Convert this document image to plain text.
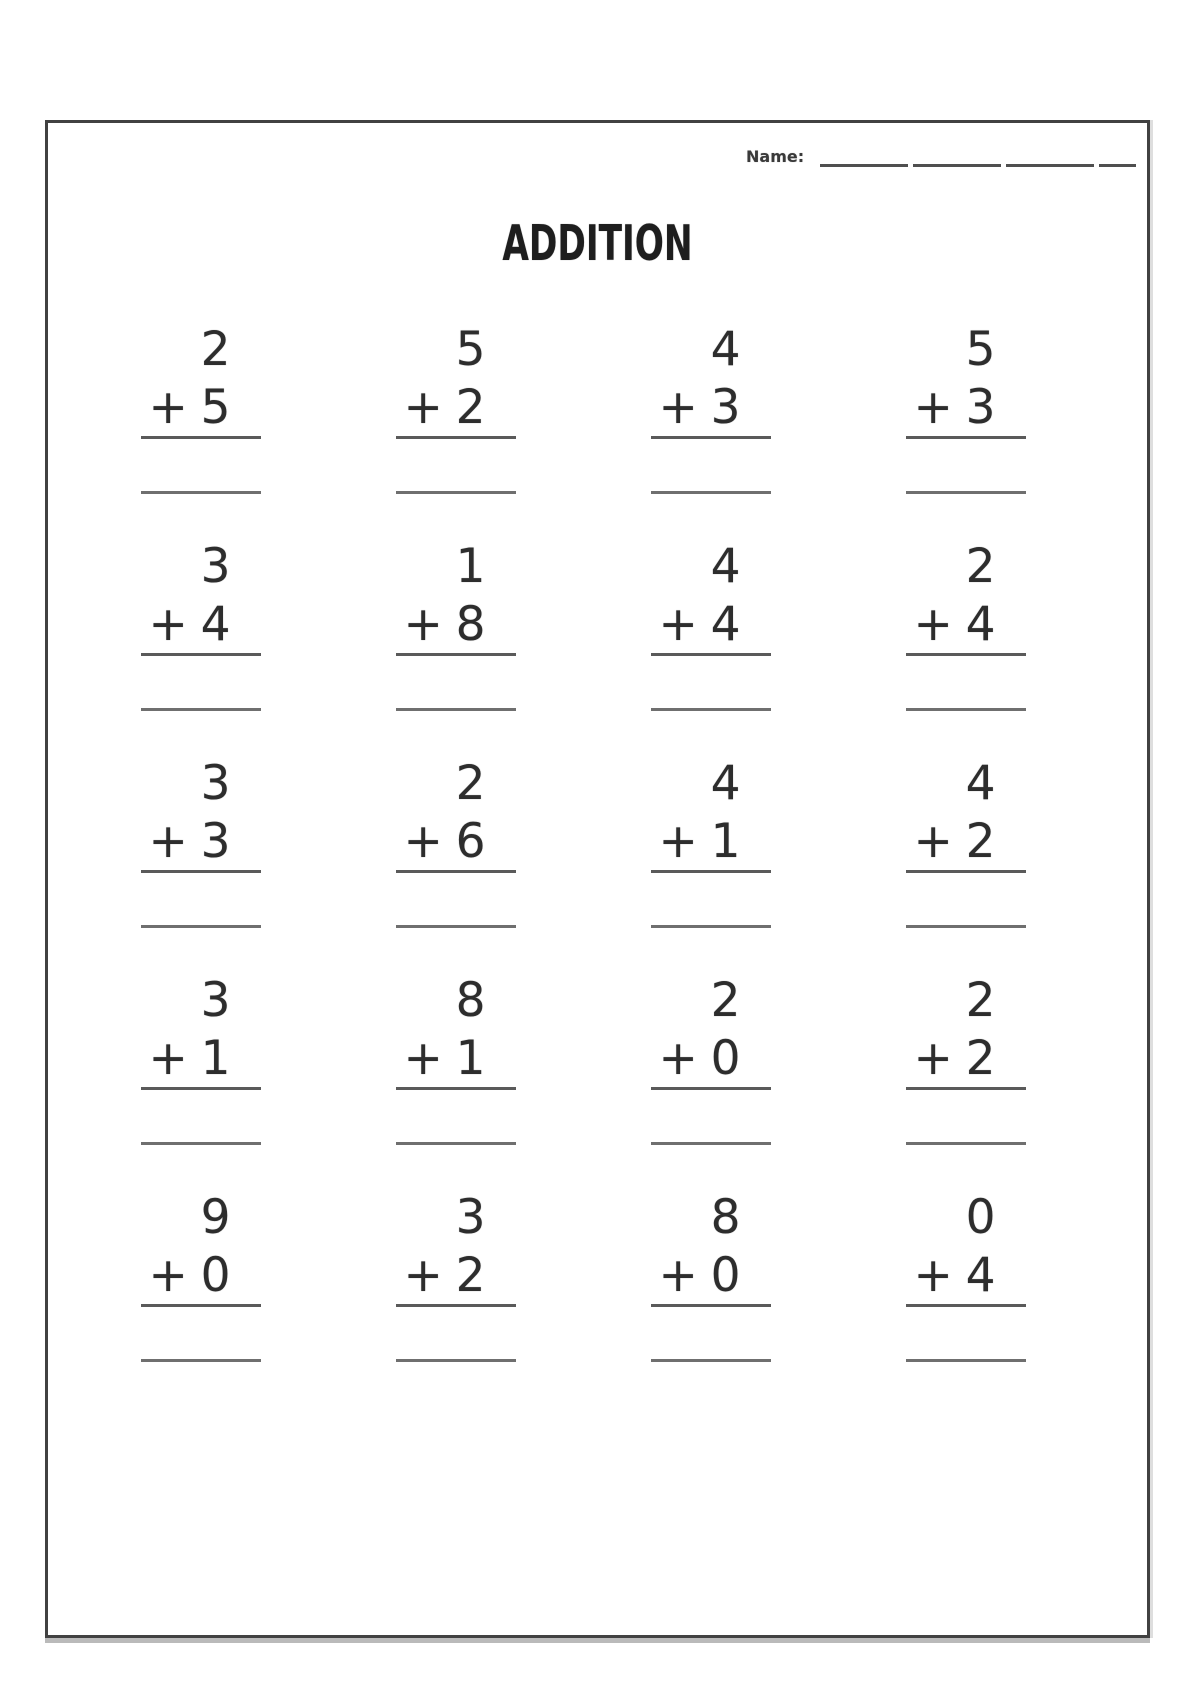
Name:
ADDITION
2
+ 5
5
+ 2
4
+ 3
5
+ 3
3
+ 4
1
+ 8
4
+ 4
2
+ 4
3
+ 3
2
+ 6
4
+ 1
4
+ 2
3
+ 1
8
+ 1
2
+ 0
2
+ 2
9
+ 0
3
+ 2
8
+ 0
0
+ 4
